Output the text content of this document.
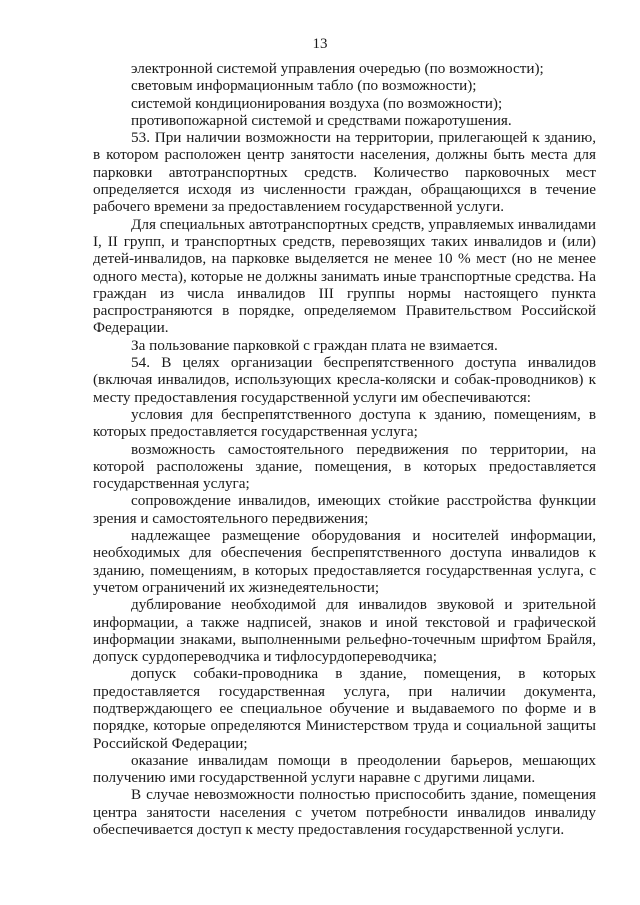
13

электронной системой управления очередью (по возможности);

световым информационным табло (по возможности);

системой кондиционирования воздуха (по возможности);

противопожарной системой и средствами пожаротушения.

53. При наличии возможности на территории, прилегающей к зданию, в котором расположен центр занятости населения, должны быть места для парковки автотранспортных средств. Количество парковочных мест определяется исходя из численности граждан, обращающихся в течение рабочего времени за предоставлением государственной услуги.

Для специальных автотранспортных средств, управляемых инвалидами I, II групп, и транспортных средств, перевозящих таких инвалидов и (или) детей-инвалидов, на парковке выделяется не менее 10 % мест (но не менее одного места), которые не должны занимать иные транспортные средства. На граждан из числа инвалидов III группы нормы настоящего пункта распространяются в порядке, определяемом Правительством Российской Федерации.

За пользование парковкой с граждан плата не взимается.

54. В целях организации беспрепятственного доступа инвалидов (включая инвалидов, использующих кресла-коляски и собак-проводников) к месту предоставления государственной услуги им обеспечиваются:

условия для беспрепятственного доступа к зданию, помещениям, в которых предоставляется государственная услуга;

возможность самостоятельного передвижения по территории, на которой расположены здание, помещения, в которых предоставляется государственная услуга;

сопровождение инвалидов, имеющих стойкие расстройства функции зрения и самостоятельного передвижения;

надлежащее размещение оборудования и носителей информации, необходимых для обеспечения беспрепятственного доступа инвалидов к зданию, помещениям, в которых предоставляется государственная услуга, с учетом ограничений их жизнедеятельности;

дублирование необходимой для инвалидов звуковой и зрительной информации, а также надписей, знаков и иной текстовой и графической информации знаками, выполненными рельефно-точечным шрифтом Брайля, допуск сурдопереводчика и тифлосурдопереводчика;

допуск собаки-проводника в здание, помещения, в которых предоставляется государственная услуга, при наличии документа, подтверждающего ее специальное обучение и выдаваемого по форме и в порядке, которые определяются Министерством труда и социальной защиты Российской Федерации;

оказание инвалидам помощи в преодолении барьеров, мешающих получению ими государственной услуги наравне с другими лицами.

В случае невозможности полностью приспособить здание, помещения центра занятости населения с учетом потребности инвалидов инвалиду обеспечивается доступ к месту предоставления государственной услуги.
